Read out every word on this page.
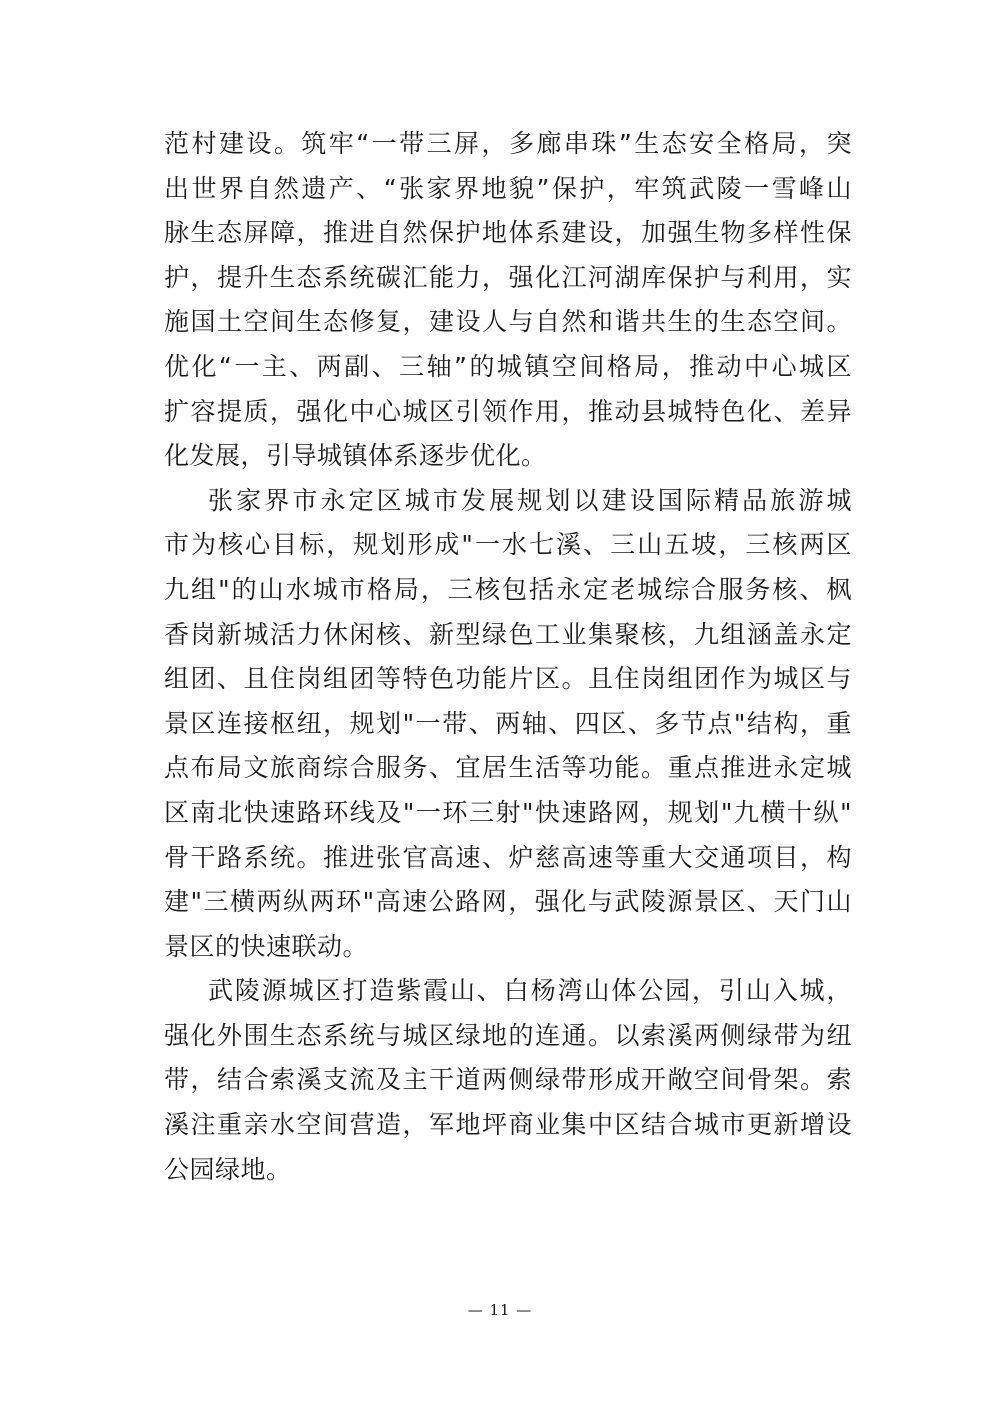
范村建设。筑牢“一带三屏，多廊串珠”生态安全格局，突
出世界自然遗产、“张家界地貌”保护，牢筑武陵一雪峰山
脉生态屏障，推进自然保护地体系建设，加强生物多样性保
护，提升生态系统碳汇能力，强化江河湖库保护与利用，实
施国土空间生态修复，建设人与自然和谐共生的生态空间。
优化“一主、两副、三轴”的城镇空间格局，推动中心城区
扩容提质，强化中心城区引领作用，推动县城特色化、差异
化发展，引导城镇体系逐步优化。
张家界市永定区城市发展规划以建设国际精品旅游城
市为核心目标，规划形成"一水七溪、三山五坡，三核两区
九组"的山水城市格局，三核包括永定老城综合服务核、枫
香岗新城活力休闲核、新型绿色工业集聚核，九组涵盖永定
组团、且住岗组团等特色功能片区。且住岗组团作为城区与
景区连接枢纽，规划"一带、两轴、四区、多节点"结构，重
点布局文旅商综合服务、宜居生活等功能。重点推进永定城
区南北快速路环线及"一环三射"快速路网，规划"九横十纵"
骨干路系统。推进张官高速、炉慈高速等重大交通项目，构
建"三横两纵两环"高速公路网，强化与武陵源景区、天门山
景区的快速联动。
武陵源城区打造紫霞山、白杨湾山体公园，引山入城，
强化外围生态系统与城区绿地的连通。以索溪两侧绿带为纽
带，结合索溪支流及主干道两侧绿带形成开敞空间骨架。索
溪注重亲水空间营造，军地坪商业集中区结合城市更新增设
公园绿地。
— 11 —
